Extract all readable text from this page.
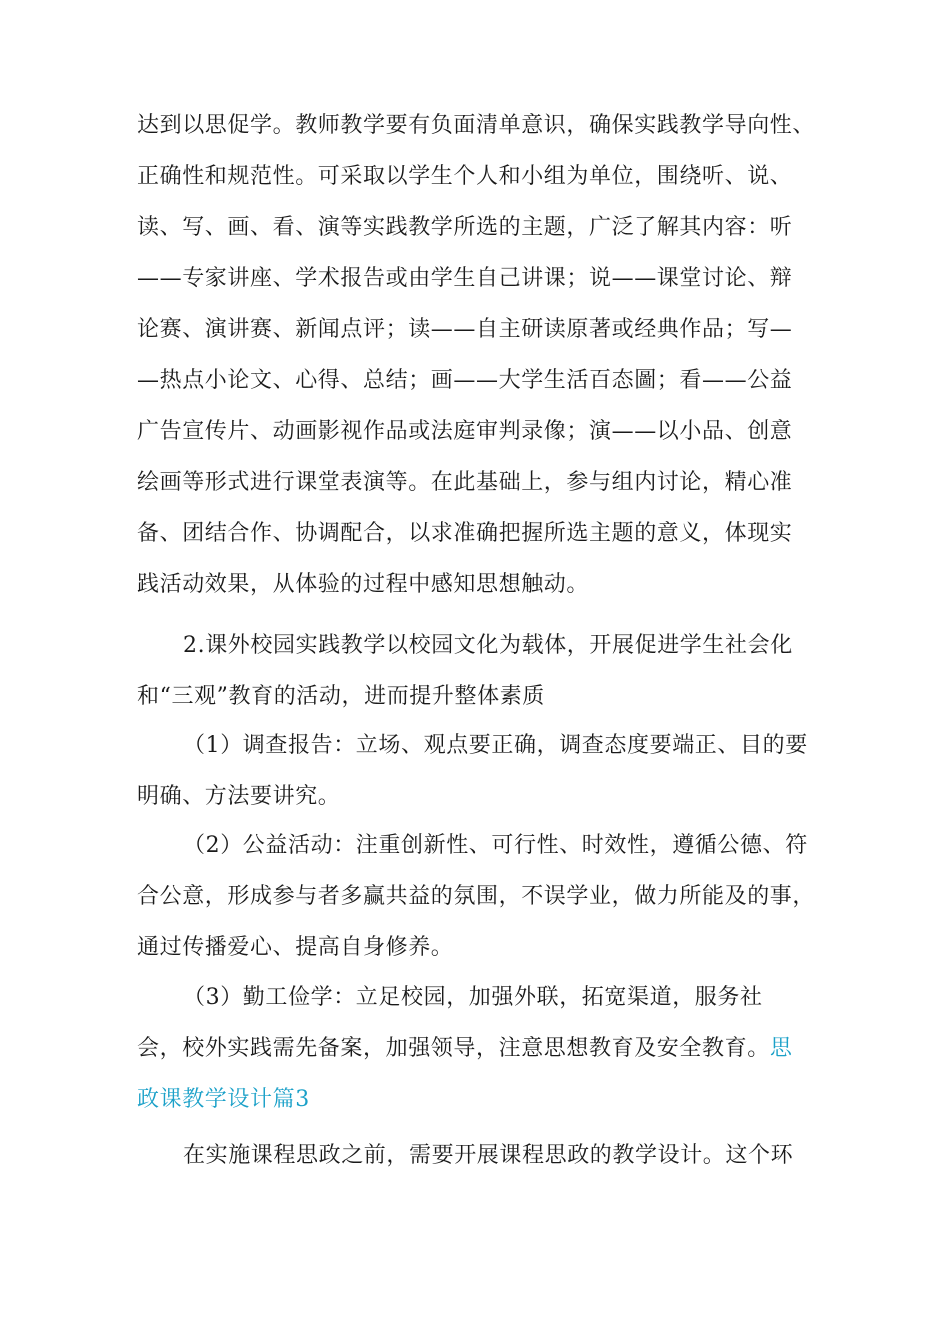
达到以思促学。教师教学要有负面清单意识，确保实践教学导向性、
正确性和规范性。可采取以学生个人和小组为单位，围绕听、说、
读、写、画、看、演等实践教学所选的主题，广泛了解其内容：听
——专家讲座、学术报告或由学生自己讲课；说——课堂讨论、辩
论赛、演讲赛、新闻点评；读——自主研读原著或经典作品；写—
—热点小论文、心得、总结；画——大学生活百态圖；看——公益
广告宣传片、动画影视作品或法庭审判录像；演——以小品、创意
绘画等形式进行课堂表演等。在此基础上，参与组内讨论，精心准
备、团结合作、协调配合，以求准确把握所选主题的意义，体现实
践活动效果，从体验的过程中感知思想触动。
2.课外校园实践教学以校园文化为载体，开展促进学生社会化
和“三观”教育的活动，进而提升整体素质
（1）调查报告：立场、观点要正确，调查态度要端正、目的要
明确、方法要讲究。
（2）公益活动：注重创新性、可行性、时效性，遵循公德、符
合公意，形成参与者多赢共益的氛围，不误学业，做力所能及的事，
通过传播爱心、提高自身修养。
（3）勤工俭学：立足校园，加强外联，拓宽渠道，服务社
会，校外实践需先备案，加强领导，注意思想教育及安全教育。思
政课教学设计篇3
在实施课程思政之前，需要开展课程思政的教学设计。这个环
